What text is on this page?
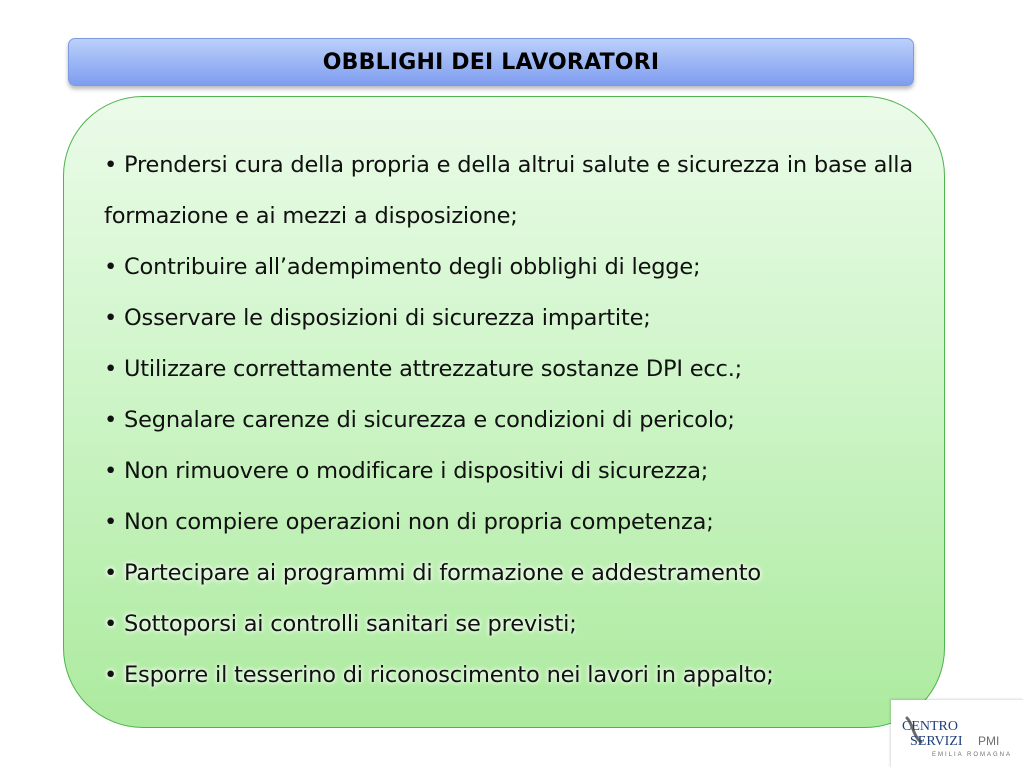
OBBLIGHI DEI LAVORATORI
• Prendersi cura della propria e della altrui salute e sicurezza in base alla formazione e ai mezzi a disposizione;
• Contribuire all’adempimento degli obblighi di legge;
• Osservare le disposizioni di sicurezza impartite;
• Utilizzare correttamente attrezzature sostanze DPI ecc.;
• Segnalare carenze di sicurezza e condizioni di pericolo;
• Non rimuovere o modificare i dispositivi di sicurezza;
• Non compiere operazioni non di propria competenza;
• Partecipare ai programmi di formazione e addestramento
• Sottoporsi ai controlli sanitari se previsti;
• Esporre il tesserino di riconoscimento nei lavori in appalto;
CENTRO
SERVIZI PMI
EMILIA ROMAGNA
